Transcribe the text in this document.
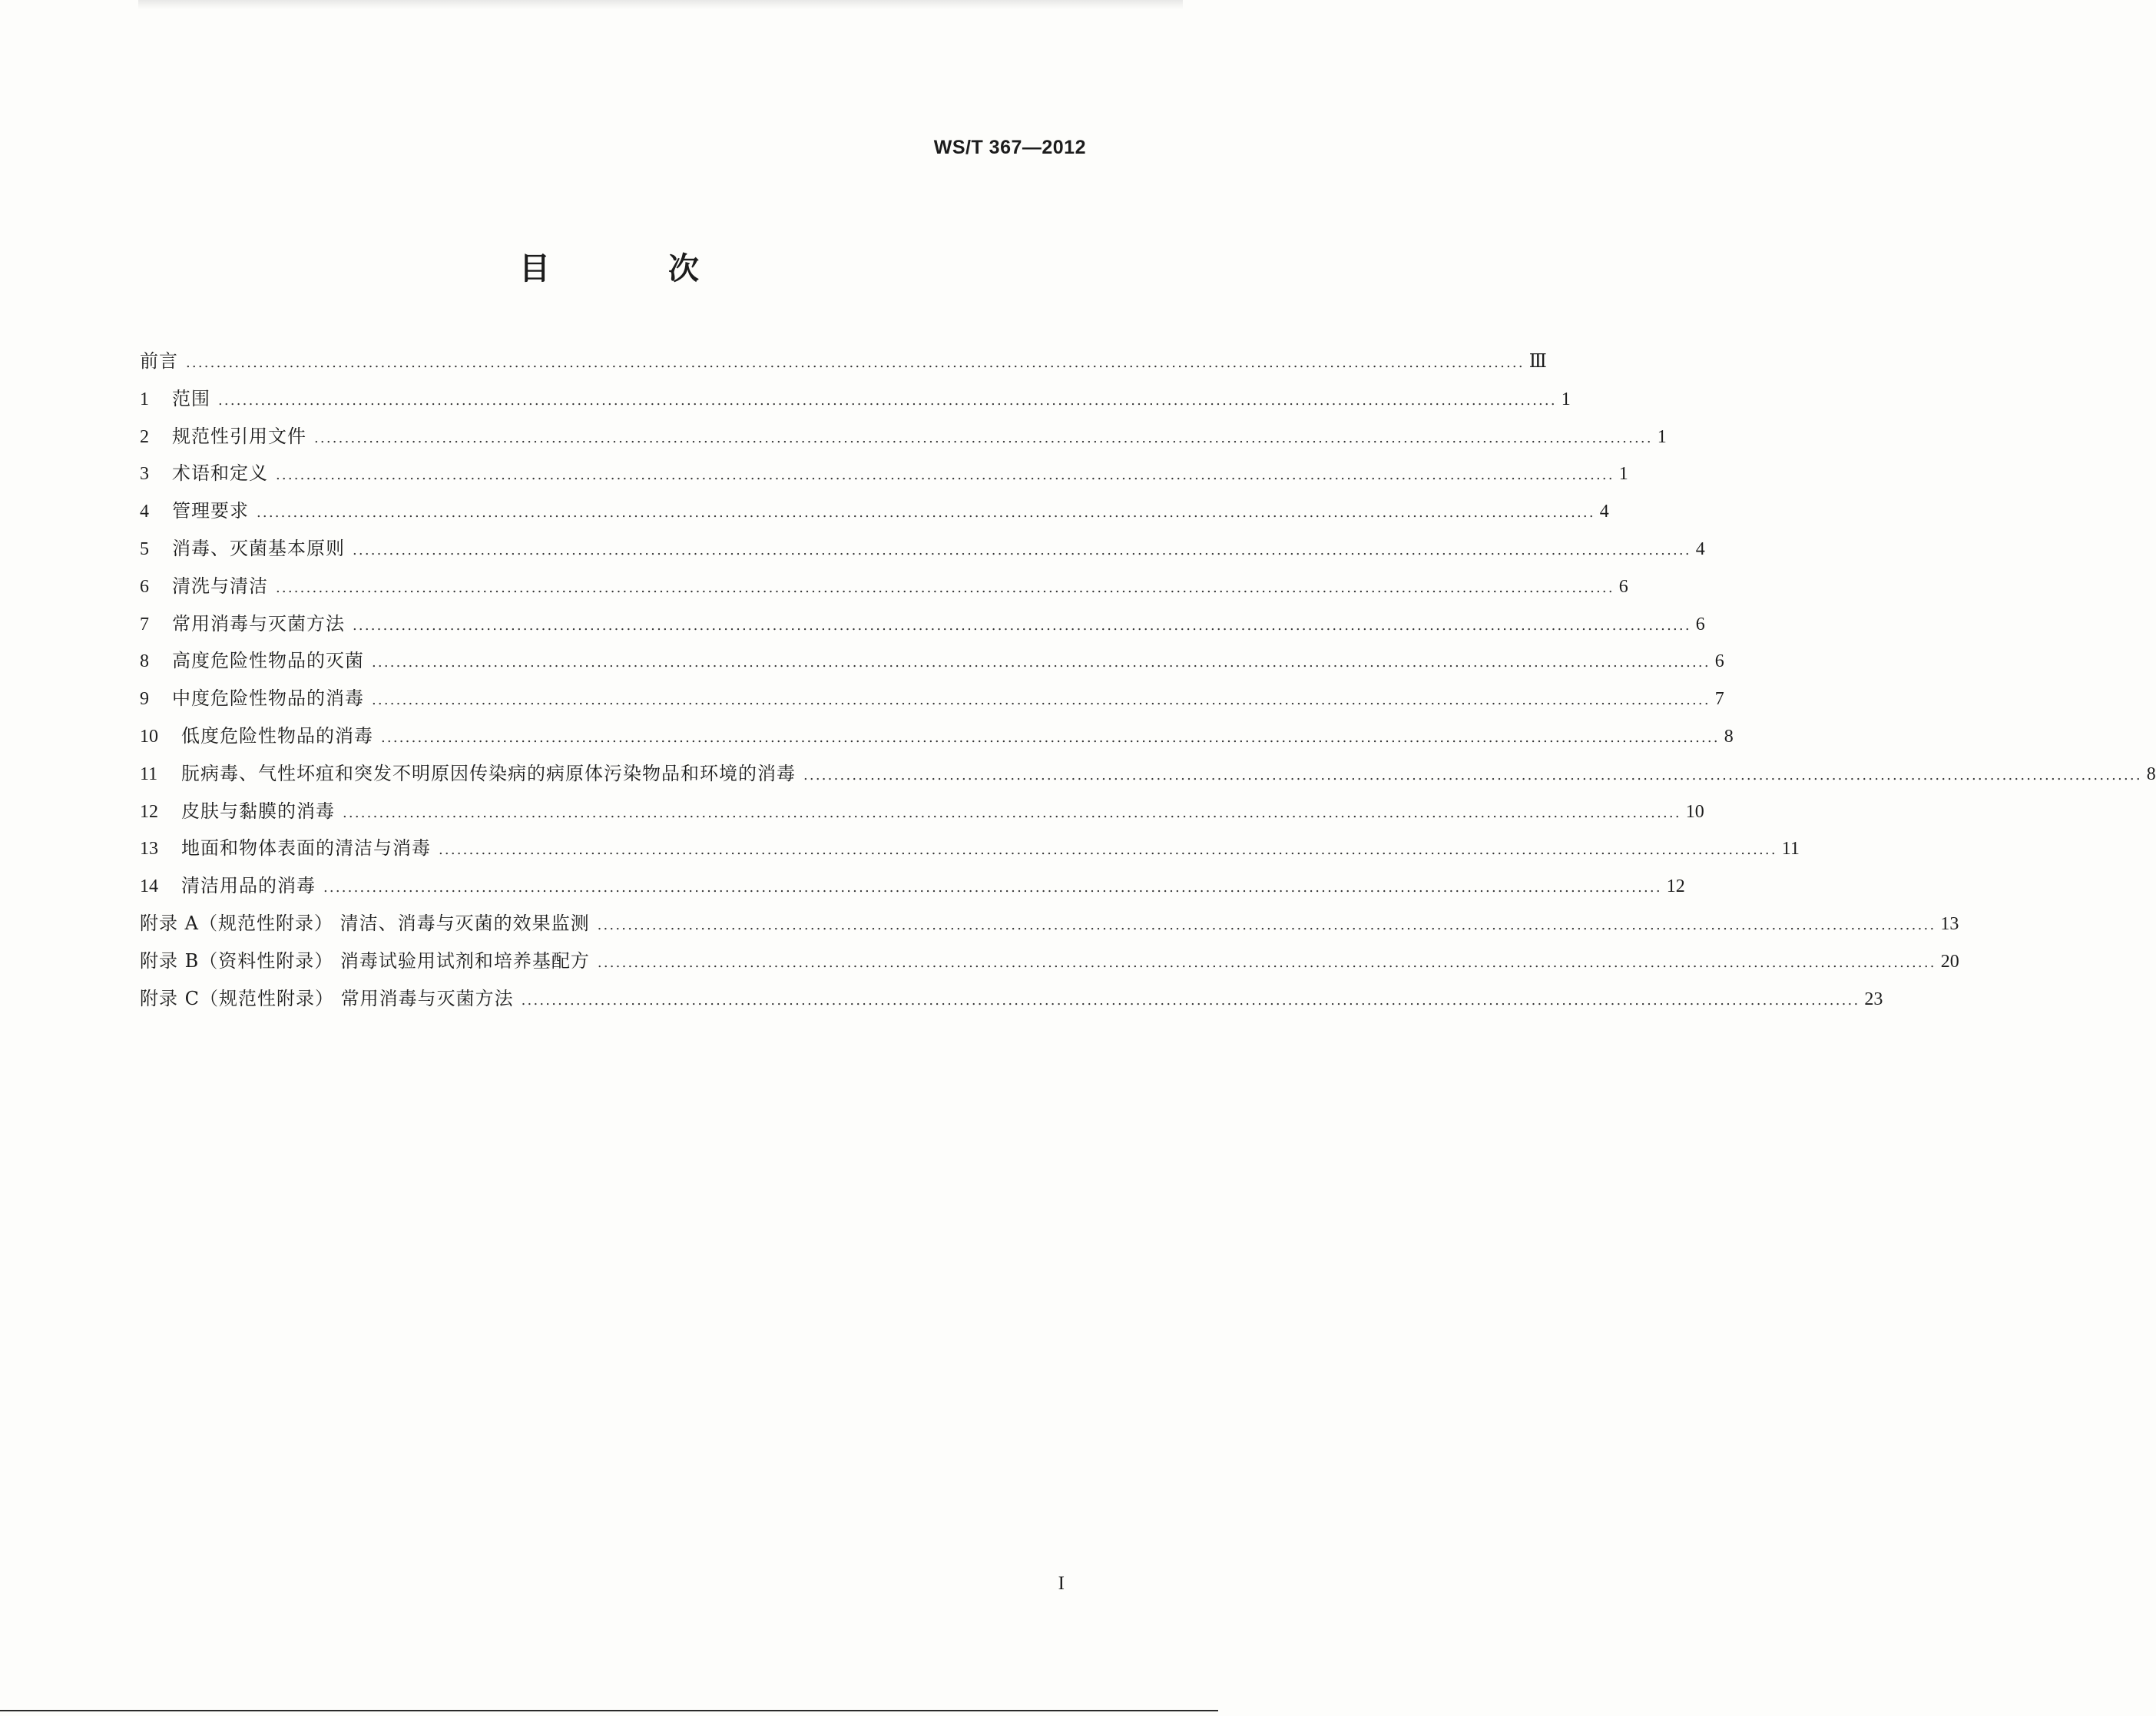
WS/T 367—2012
目 次
前言 ............................................................................................................................................................................................................................ Ⅲ
1	范围 ............................................................................................................................................................................................................................ 1
2	规范性引用文件 ............................................................................................................................................................................................................................ 1
3	术语和定义 ............................................................................................................................................................................................................................ 1
4	管理要求 ............................................................................................................................................................................................................................ 4
5	消毒、灭菌基本原则 ............................................................................................................................................................................................................................ 4
6	清洗与清洁 ............................................................................................................................................................................................................................ 6
7	常用消毒与灭菌方法 ............................................................................................................................................................................................................................ 6
8	高度危险性物品的灭菌 ............................................................................................................................................................................................................................ 6
9	中度危险性物品的消毒 ............................................................................................................................................................................................................................ 7
10	低度危险性物品的消毒 ............................................................................................................................................................................................................................ 8
11	朊病毒、气性坏疽和突发不明原因传染病的病原体污染物品和环境的消毒 ............................................................................................................................................................................................................................ 8
12	皮肤与黏膜的消毒 ............................................................................................................................................................................................................................ 10
13	地面和物体表面的清洁与消毒 ............................................................................................................................................................................................................................ 11
14	清洁用品的消毒 ............................................................................................................................................................................................................................ 12
附录 A（规范性附录） 清洁、消毒与灭菌的效果监测 ............................................................................................................................................................................................................................ 13
附录 B（资料性附录） 消毒试验用试剂和培养基配方 ............................................................................................................................................................................................................................ 20
附录 C（规范性附录） 常用消毒与灭菌方法 ............................................................................................................................................................................................................................ 23
I
